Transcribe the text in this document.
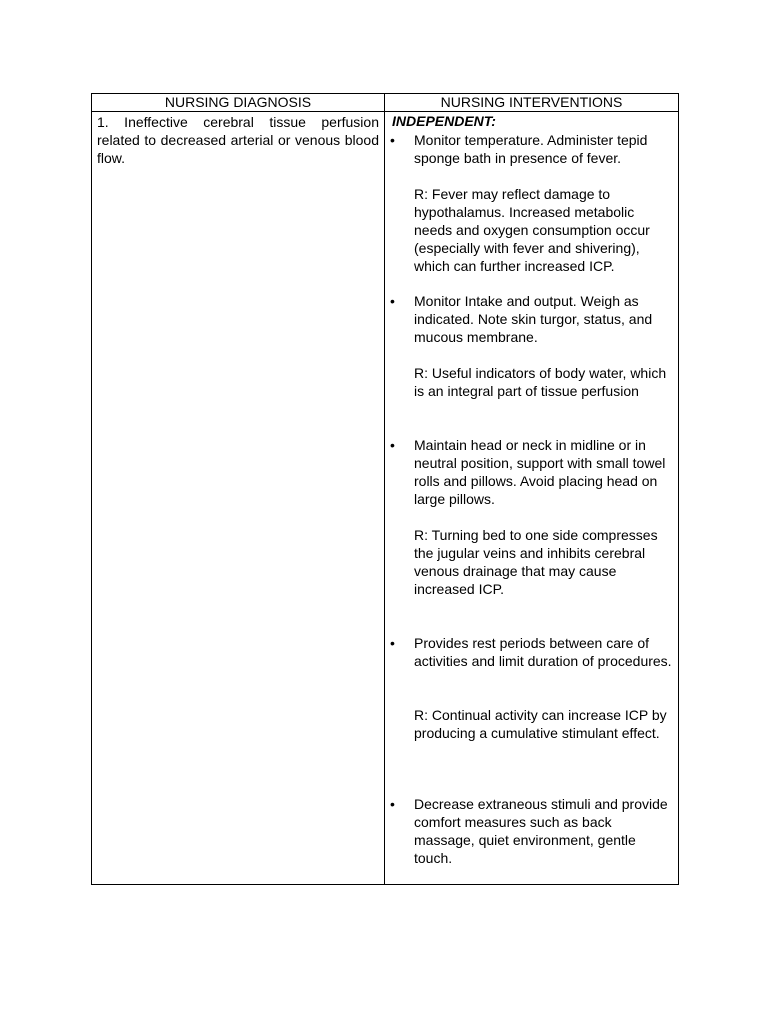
NURSING DIAGNOSIS	NURSING INTERVENTIONS
1. Ineffective cerebral tissue perfusion related to decreased arterial or venous blood flow.
INDEPENDENT:
• Monitor temperature. Administer tepid sponge bath in presence of fever.
R: Fever may reflect damage to hypothalamus. Increased metabolic needs and oxygen consumption occur (especially with fever and shivering), which can further increased ICP.
• Monitor Intake and output. Weigh as indicated. Note skin turgor, status, and mucous membrane.
R: Useful indicators of body water, which is an integral part of tissue perfusion
• Maintain head or neck in midline or in neutral position, support with small towel rolls and pillows. Avoid placing head on large pillows.
R: Turning bed to one side compresses the jugular veins and inhibits cerebral venous drainage that may cause increased ICP.
• Provides rest periods between care of activities and limit duration of procedures.
R: Continual activity can increase ICP by producing a cumulative stimulant effect.
• Decrease extraneous stimuli and provide comfort measures such as back massage, quiet environment, gentle touch.
